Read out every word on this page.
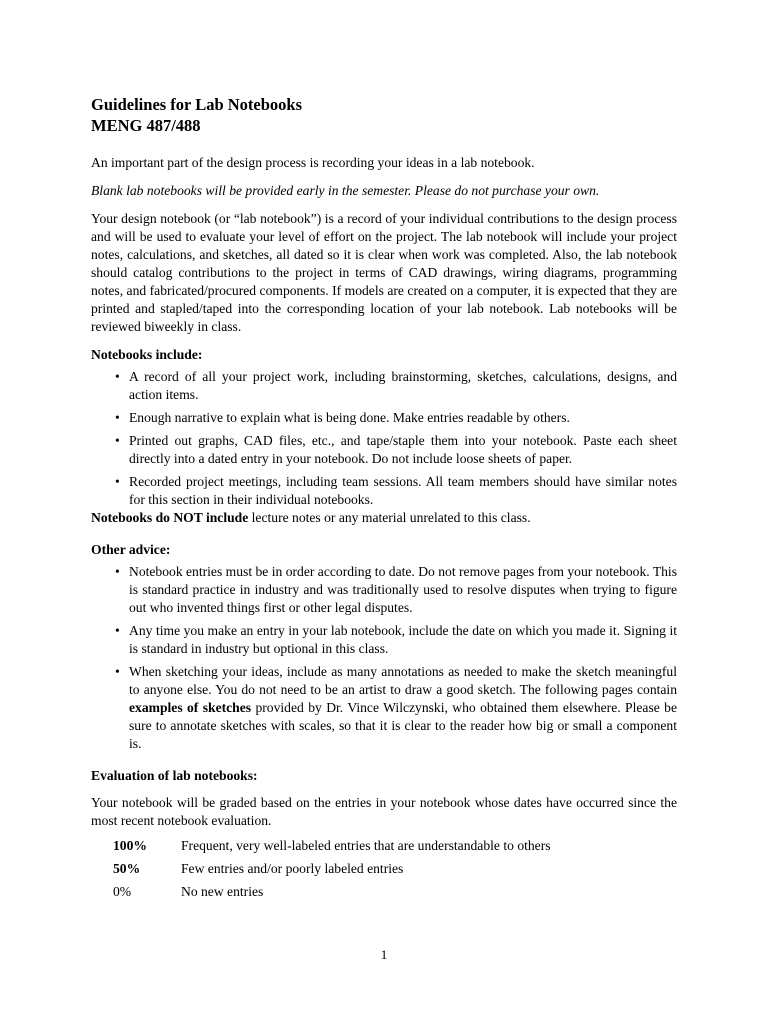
Guidelines for Lab Notebooks

MENG 487/488

An important part of the design process is recording your ideas in a lab notebook.

Blank lab notebooks will be provided early in the semester. Please do not purchase your own.

Your design notebook (or “lab notebook”) is a record of your individual contributions to the design process and will be used to evaluate your level of effort on the project. The lab notebook will include your project notes, calculations, and sketches, all dated so it is clear when work was completed. Also, the lab notebook should catalog contributions to the project in terms of CAD drawings, wiring diagrams, programming notes, and fabricated/procured components. If models are created on a computer, it is expected that they are printed and stapled/taped into the corresponding location of your lab notebook. Lab notebooks will be reviewed biweekly in class.

Notebooks include:

• A record of all your project work, including brainstorming, sketches, calculations, designs, and action items.
• Enough narrative to explain what is being done. Make entries readable by others.
• Printed out graphs, CAD files, etc., and tape/staple them into your notebook. Paste each sheet directly into a dated entry in your notebook. Do not include loose sheets of paper.
• Recorded project meetings, including team sessions. All team members should have similar notes for this section in their individual notebooks.

Notebooks do NOT include lecture notes or any material unrelated to this class.

Other advice:

• Notebook entries must be in order according to date. Do not remove pages from your notebook. This is standard practice in industry and was traditionally used to resolve disputes when trying to figure out who invented things first or other legal disputes.
• Any time you make an entry in your lab notebook, include the date on which you made it. Signing it is standard in industry but optional in this class.
• When sketching your ideas, include as many annotations as needed to make the sketch meaningful to anyone else. You do not need to be an artist to draw a good sketch. The following pages contain examples of sketches provided by Dr. Vince Wilczynski, who obtained them elsewhere. Please be sure to annotate sketches with scales, so that it is clear to the reader how big or small a component is.

Evaluation of lab notebooks:

Your notebook will be graded based on the entries in your notebook whose dates have occurred since the most recent notebook evaluation.

100%	Frequent, very well-labeled entries that are understandable to others
50%	Few entries and/or poorly labeled entries
0%	No new entries
1
